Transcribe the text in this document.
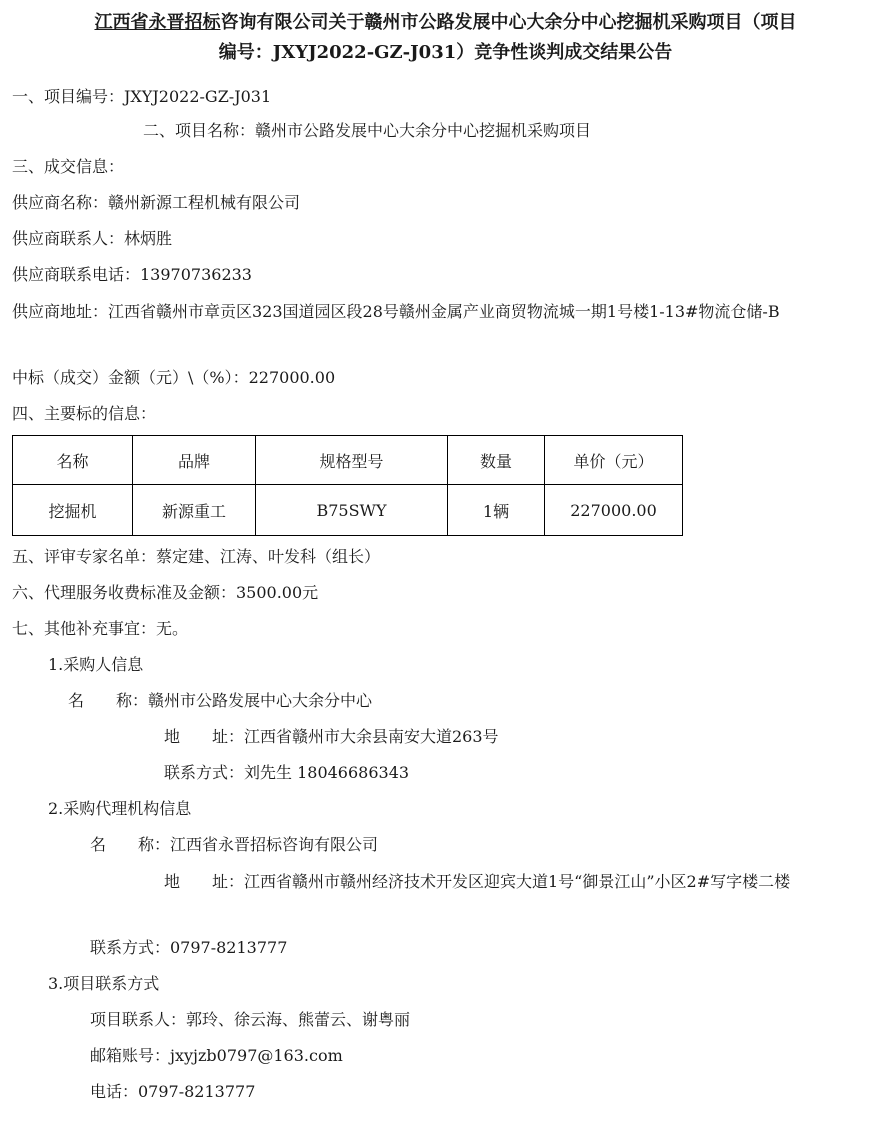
江西省永晋招标咨询有限公司关于赣州市公路发展中心大余分中心挖掘机采购项目（项目
编号：JXYJ2022-GZ-J031）竞争性谈判成交结果公告
一、项目编号：JXYJ2022-GZ-J031
二、项目名称：赣州市公路发展中心大余分中心挖掘机采购项目
三、成交信息：
供应商名称：赣州新源工程机械有限公司
供应商联系人：林炳胜
供应商联系电话：13970736233
供应商地址：江西省赣州市章贡区323国道园区段28号赣州金属产业商贸物流城一期1号楼1-13#物流仓储-B
中标（成交）金额（元）\（%）：227000.00
四、主要标的信息：
名称	品牌	规格型号	数量	单价（元）
挖掘机	新源重工	B75SWY	1辆	227000.00
五、评审专家名单：蔡定建、江涛、叶发科（组长）
六、代理服务收费标准及金额：3500.00元
七、其他补充事宜：无。
1.采购人信息
名　　称：赣州市公路发展中心大余分中心
地　　址：江西省赣州市大余县南安大道263号
联系方式：刘先生 18046686343
2.采购代理机构信息
名　　称：江西省永晋招标咨询有限公司
地　　址：江西省赣州市赣州经济技术开发区迎宾大道1号“御景江山”小区2#写字楼二楼
联系方式：0797-8213777
3.项目联系方式
项目联系人：郭玲、徐云海、熊蕾云、谢粤丽
邮箱账号：jxyjzb0797@163.com
电话：0797-8213777
